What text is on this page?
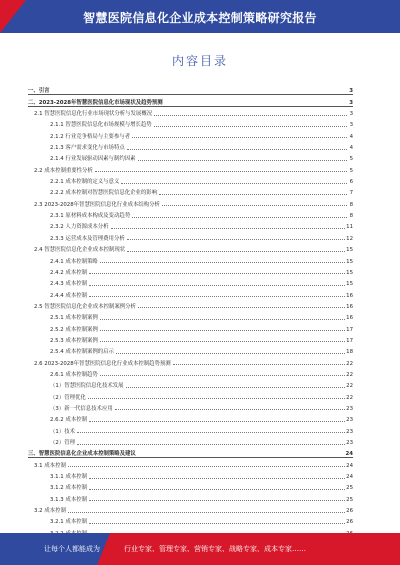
智慧医院信息化企业成本控制策略研究报告
内容目录
一、引言	3
二、2023-2028年智慧医院信息化市场现状及趋势预测	3
2.1 智慧医院信息化行业市场现状分析与发展概况	3
2.1.1 智慧医院信息化市场规模与增长趋势	3
2.1.2 行业竞争格局与主要参与者	4
2.1.3 客户需求变化与市场特点	4
2.1.4 行业发展驱动因素与制约因素	5
2.2 成本控制重要性分析	5
2.2.1 成本控制的定义与意义	6
2.2.2 成本控制对智慧医院信息化企业的影响	7
2.3 2023-2028年智慧医院信息化行业成本结构分析	8
2.3.1 原材料成本构成及变动趋势	8
2.3.2 人力资源成本分析	11
2.3.3 运营成本及管理费用分析	12
2.4 智慧医院信息化企业成本控制现状	15
2.4.1 成本控制策略	15
2.4.2 成本控制	15
2.4.3 成本控制	15
2.4.4 成本控制	16
2.5 智慧医院信息化企业成本控制案例分析	16
2.5.1 成本控制案例	16
2.5.2 成本控制案例	17
2.5.3 成本控制案例	17
2.5.4 成本控制案例的启示	18
2.6 2023-2028年智慧医院信息化行业成本控制趋势预测	22
2.6.1 成本控制趋势	22
（1）智慧医院信息化技术发展	22
（2）管理优化	22
（3）新一代信息技术应用	23
2.6.2 成本控制	23
（1）技术	23
（2）管理	23
三、智慧医院信息化企业成本控制策略及建议	24
3.1 成本控制	24
3.1.1 成本控制	24
3.1.2 成本控制	25
3.1.3 成本控制	25
3.2 成本控制	26
3.2.1 成本控制	26
让每个人都能成为	行业专家、管理专家、营销专家、战略专家、成本专家……
